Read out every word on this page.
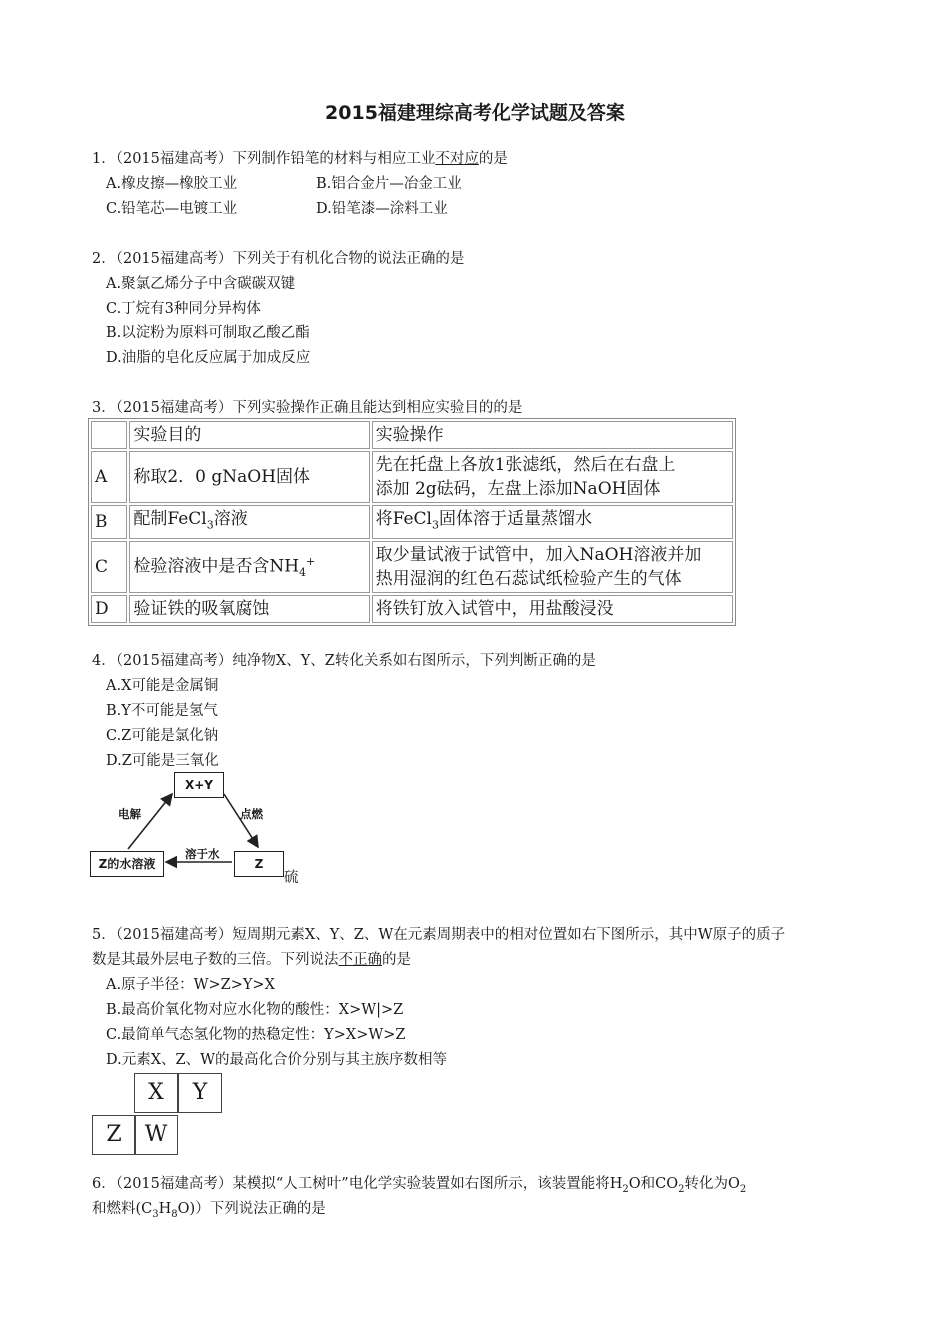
2015福建理综高考化学试题及答案
1．（2015福建高考）下列制作铅笔的材料与相应工业不对应的是
A.橡皮擦—橡胶工业	B.铝合金片—冶金工业
C.铅笔芯—电镀工业	D.铅笔漆—涂料工业
2．（2015福建高考）下列关于有机化合物的说法正确的是
A.聚氯乙烯分子中含碳碳双键
C.丁烷有3种同分异构体
B.以淀粉为原料可制取乙酸乙酯
D.油脂的皂化反应属于加成反应
3．（2015福建高考）下列实验操作正确且能达到相应实验目的的是
	实验目的	实验操作
A	称取2．0 gNaOH固体	先在托盘上各放1张滤纸，然后在右盘上
添加 2g砝码，左盘上添加NaOH固体
B	配制FeCl$_3$溶液	将FeCl$_3$固体溶于适量蒸馏水
C	检验溶液中是否含$NH_4^+$	取少量试液于试管中，加入NaOH溶液并加
热用湿润的红色石蕊试纸检验产生的气体
D	验证铁的吸氧腐蚀	将铁钉放入试管中，用盐酸浸没
4．（2015福建高考）纯净物X、Y、Z转化关系如右图所示，下列判断正确的是
A.X可能是金属铜
B.Y不可能是氢气
C.Z可能是氯化钠
D.Z可能是三氧化
X+Y
Z的水溶液	Z
电解	点燃
溶于水
硫
5．（2015福建高考）短周期元素X、Y、Z、W在元素周期表中的相对位置如右下图所示，其中W原子的质子
数是其最外层电子数的三倍。下列说法不正确的是
A.原子半径：W>Z>Y>X
B.最高价氧化物对应水化物的酸性：X>W|>Z
C.最简单气态氢化物的热稳定性：Y>X>W>Z
D.元素X、Z、W的最高化合价分别与其主族序数相等
X	Y
Z	W
6．（2015福建高考）某模拟“人工树叶”电化学实验装置如右图所示，该装置能将$H_2O$和$CO_2$转化为$O_2$
和燃料$(C_3H_8O)$）下列说法正确的是
